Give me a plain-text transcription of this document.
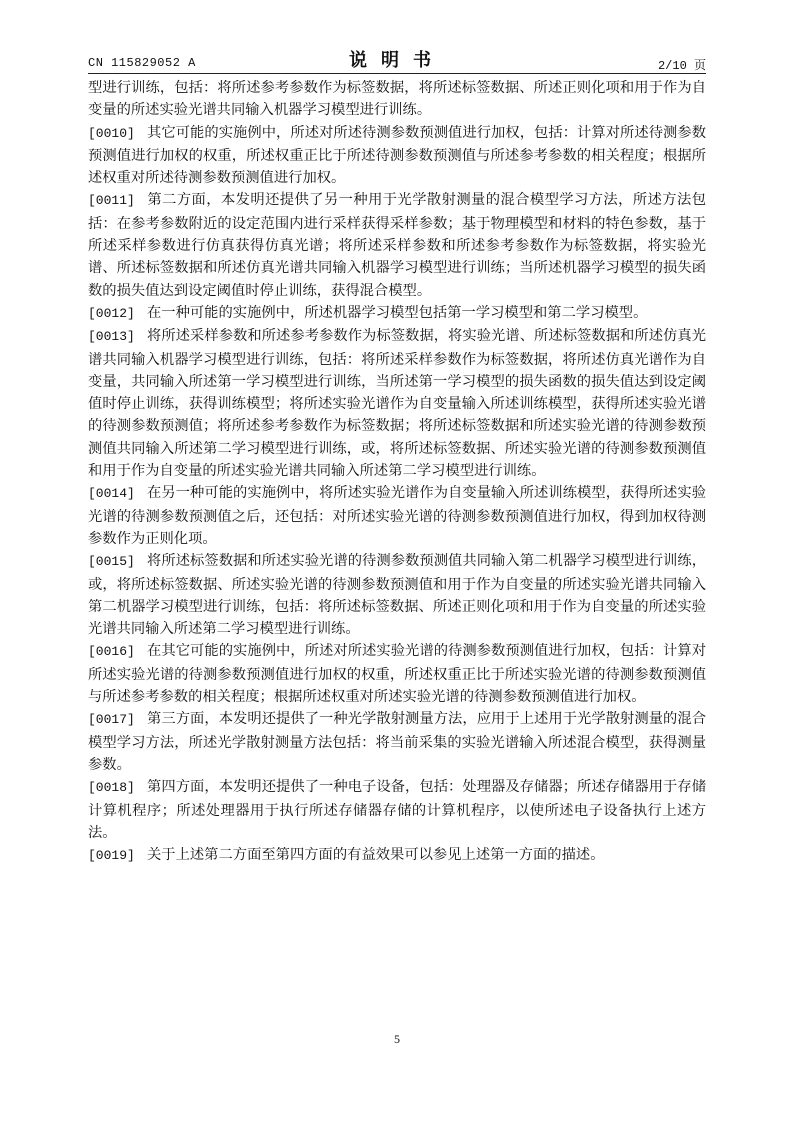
CN 115829052 A	说明书	2/10 页

型进行训练，包括：将所述参考参数作为标签数据，将所述标签数据、所述正则化项和用于作为自变量的所述实验光谱共同输入机器学习模型进行训练。

[0010] 其它可能的实施例中，所述对所述待测参数预测值进行加权，包括：计算对所述待测参数预测值进行加权的权重，所述权重正比于所述待测参数预测值与所述参考参数的相关程度；根据所述权重对所述待测参数预测值进行加权。

[0011] 第二方面，本发明还提供了另一种用于光学散射测量的混合模型学习方法，所述方法包括：在参考参数附近的设定范围内进行采样获得采样参数；基于物理模型和材料的特色参数，基于所述采样参数进行仿真获得仿真光谱；将所述采样参数和所述参考参数作为标签数据，将实验光谱、所述标签数据和所述仿真光谱共同输入机器学习模型进行训练；当所述机器学习模型的损失函数的损失值达到设定阈值时停止训练，获得混合模型。

[0012] 在一种可能的实施例中，所述机器学习模型包括第一学习模型和第二学习模型。

[0013] 将所述采样参数和所述参考参数作为标签数据，将实验光谱、所述标签数据和所述仿真光谱共同输入机器学习模型进行训练，包括：将所述采样参数作为标签数据，将所述仿真光谱作为自变量，共同输入所述第一学习模型进行训练，当所述第一学习模型的损失函数的损失值达到设定阈值时停止训练，获得训练模型；将所述实验光谱作为自变量输入所述训练模型，获得所述实验光谱的待测参数预测值；将所述参考参数作为标签数据；将所述标签数据和所述实验光谱的待测参数预测值共同输入所述第二学习模型进行训练，或，将所述标签数据、所述实验光谱的待测参数预测值和用于作为自变量的所述实验光谱共同输入所述第二学习模型进行训练。

[0014] 在另一种可能的实施例中，将所述实验光谱作为自变量输入所述训练模型，获得所述实验光谱的待测参数预测值之后，还包括：对所述实验光谱的待测参数预测值进行加权，得到加权待测参数作为正则化项。

[0015] 将所述标签数据和所述实验光谱的待测参数预测值共同输入第二机器学习模型进行训练，或，将所述标签数据、所述实验光谱的待测参数预测值和用于作为自变量的所述实验光谱共同输入第二机器学习模型进行训练，包括：将所述标签数据、所述正则化项和用于作为自变量的所述实验光谱共同输入所述第二学习模型进行训练。

[0016] 在其它可能的实施例中，所述对所述实验光谱的待测参数预测值进行加权，包括：计算对所述实验光谱的待测参数预测值进行加权的权重，所述权重正比于所述实验光谱的待测参数预测值与所述参考参数的相关程度；根据所述权重对所述实验光谱的待测参数预测值进行加权。

[0017] 第三方面，本发明还提供了一种光学散射测量方法，应用于上述用于光学散射测量的混合模型学习方法，所述光学散射测量方法包括：将当前采集的实验光谱输入所述混合模型，获得测量参数。

[0018] 第四方面，本发明还提供了一种电子设备，包括：处理器及存储器；所述存储器用于存储计算机程序；所述处理器用于执行所述存储器存储的计算机程序，以使所述电子设备执行上述方法。

[0019] 关于上述第二方面至第四方面的有益效果可以参见上述第一方面的描述。

5
